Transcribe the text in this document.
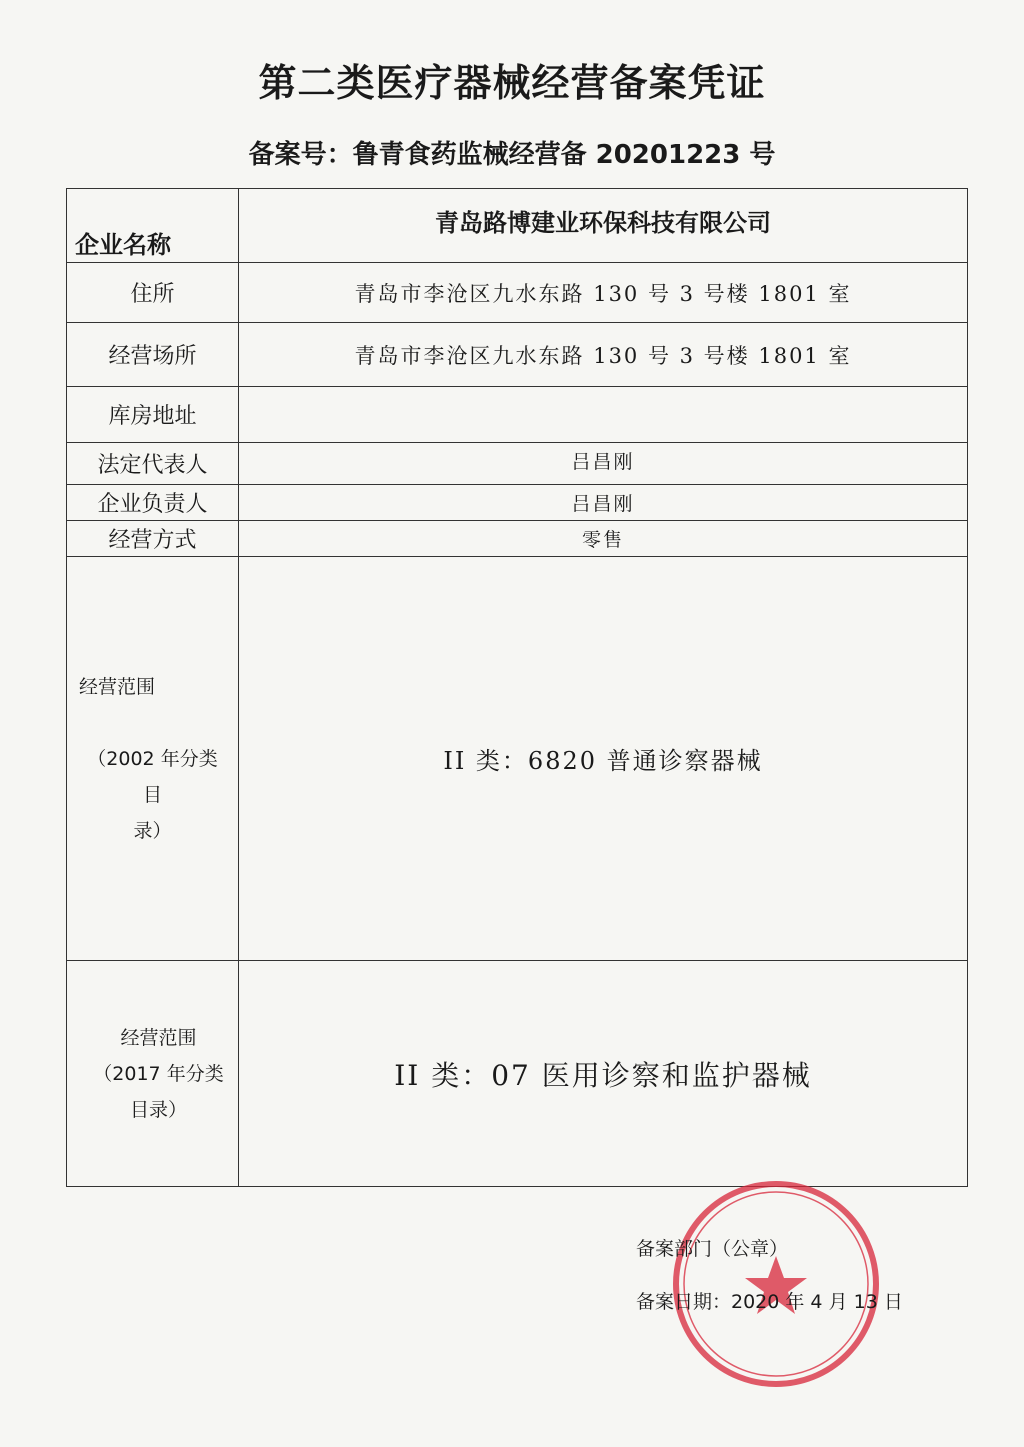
第二类医疗器械经营备案凭证
备案号：鲁青食药监械经营备 20201223 号
企业名称	青岛路博建业环保科技有限公司
住所	青岛市李沧区九水东路 130 号 3 号楼 1801 室
经营场所	青岛市李沧区九水东路 130 号 3 号楼 1801 室
库房地址	
法定代表人	吕昌刚
企业负责人	吕昌刚
经营方式	零售
经营范围

（2002 年分类目
录）	II 类：6820 普通诊察器械
经营范围
（2017 年分类
目录）	II 类：07 医用诊察和监护器械
备案部门（公章）
备案日期：2020 年 4 月 13 日
